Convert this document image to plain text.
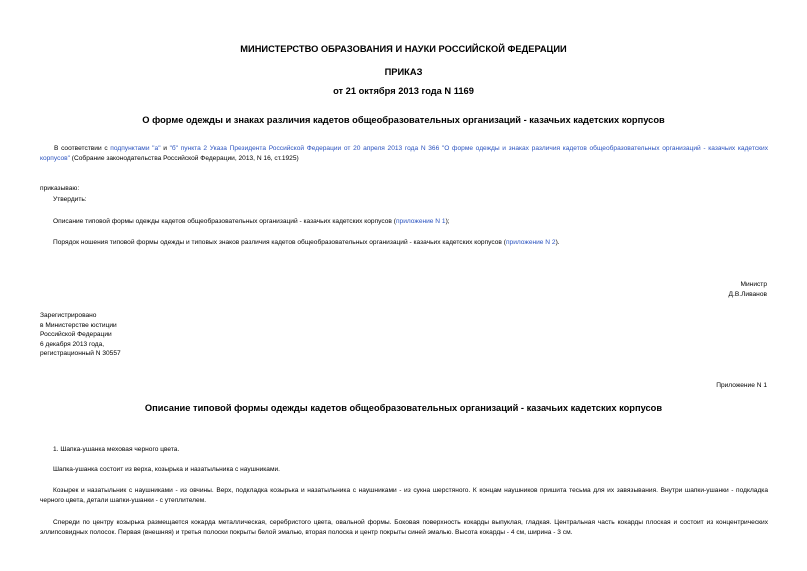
МИНИСТЕРСТВО ОБРАЗОВАНИЯ И НАУКИ РОССИЙСКОЙ ФЕДЕРАЦИИ
ПРИКАЗ
от 21 октября 2013 года N 1169
О форме одежды и знаках различия кадетов общеобразовательных организаций - казачьих кадетских корпусов
В соответствии с подпунктами "а" и "б" пункта 2 Указа Президента Российской Федерации от 20 апреля 2013 года N 366 "О форме одежды и знаках различия кадетов общеобразовательных организаций - казачьих кадетских корпусов" (Собрание законодательства Российской Федерации, 2013, N 16, ст.1925)
приказываю:
Утвердить:
Описание типовой формы одежды кадетов общеобразовательных организаций - казачьих кадетских корпусов (приложение N 1);
Порядок ношения типовой формы одежды и типовых знаков различия кадетов общеобразовательных организаций - казачьих кадетских корпусов (приложение N 2).
Министр
Д.В.Ливанов
Зарегистрировано
в Министерстве юстиции
Российской Федерации
6 декабря 2013 года,
регистрационный N 30557
Приложение N 1
Описание типовой формы одежды кадетов общеобразовательных организаций - казачьих кадетских корпусов
1. Шапка-ушанка меховая черного цвета.
Шапка-ушанка состоит из верха, козырька и назатыльника с наушниками.
Козырек и назатыльник с наушниками - из овчины. Верх, подкладка козырька и назатыльника с наушниками - из сукна шерстяного. К концам наушников пришита тесьма для их завязывания. Внутри шапки-ушанки - подкладка черного цвета, детали шапки-ушанки - с утеплителем.
Спереди по центру козырька размещается кокарда металлическая, серебристого цвета, овальной формы. Боковая поверхность кокарды выпуклая, гладкая. Центральная часть кокарды плоская и состоит из концентрических эллипсовидных полосок. Первая (внешняя) и третья полоски покрыты белой эмалью, вторая полоска и центр покрыты синей эмалью. Высота кокарды - 4 см, ширина - 3 см.
